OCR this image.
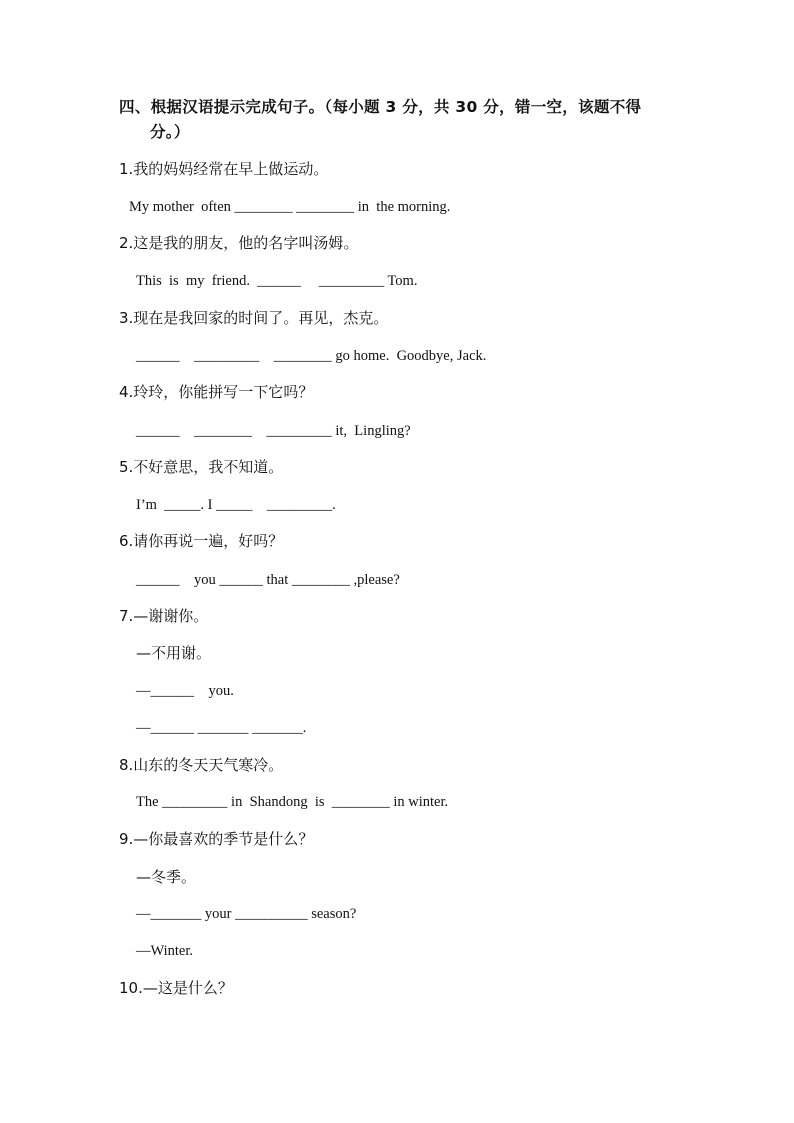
四、根据汉语提示完成句子。（每小题 3 分，共 30 分，错一空，该题不得
分。）
1.我的妈妈经常在早上做运动。
My mother  often ________ ________ in  the morning.
2.这是我的朋友，他的名字叫汤姆。
This  is  my  friend.  ______     _________ Tom.
3.现在是我回家的时间了。再见，杰克。
______    _________    ________ go home.  Goodbye, Jack.
4.玲玲，你能拼写一下它吗？
______    ________    _________ it,  Lingling?
5.不好意思，我不知道。
I’m  _____. I _____    _________.
6.请你再说一遍，好吗？
______    you ______ that ________ ,please?
7.—谢谢你。
—不用谢。
—______    you.
—______ _______ _______.
8.山东的冬天天气寒冷。
The _________ in  Shandong  is  ________ in winter.
9.—你最喜欢的季节是什么？
—冬季。
—_______ your __________ season?
—Winter.
10.—这是什么？
